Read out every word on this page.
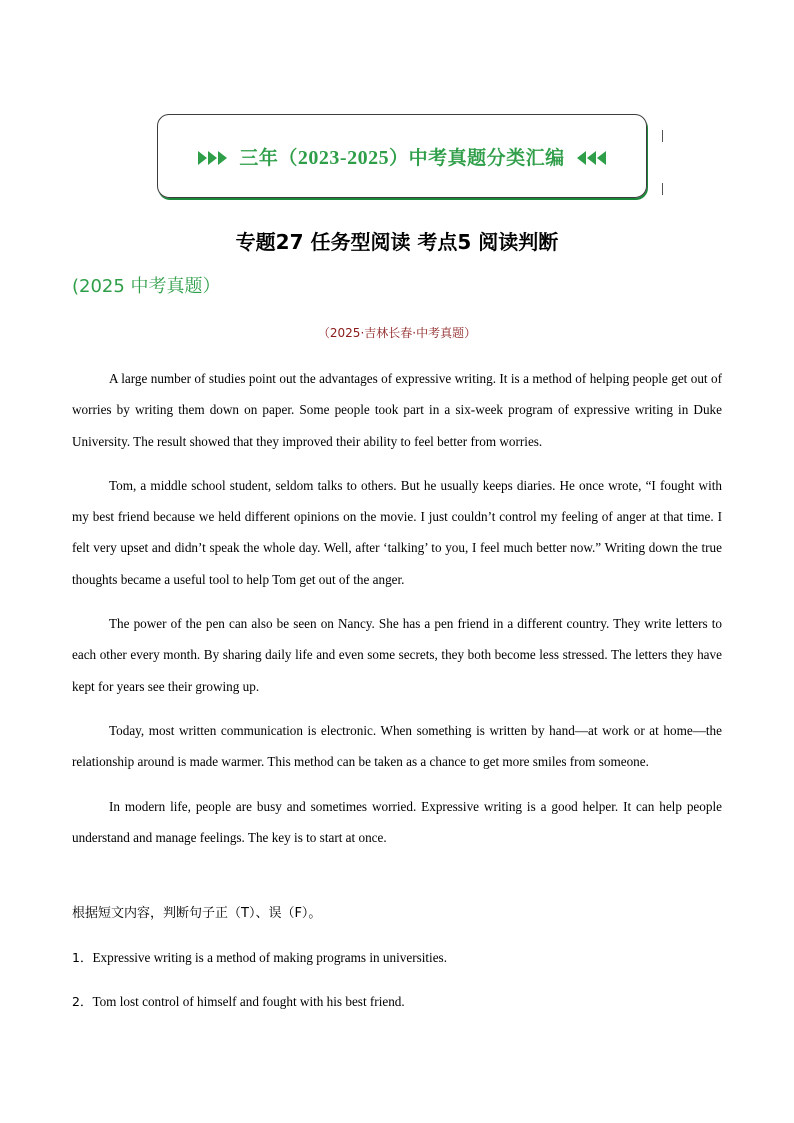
三年（2023-2025）中考真题分类汇编
专题27 任务型阅读 考点5 阅读判断
(2025 中考真题）
（2025·吉林长春·中考真题）

A large number of studies point out the advantages of expressive writing. It is a method of helping people get out of worries by writing them down on paper. Some people took part in a six-week program of expressive writing in Duke University. The result showed that they improved their ability to feel better from worries.

Tom, a middle school student, seldom talks to others. But he usually keeps diaries. He once wrote, “I fought with my best friend because we held different opinions on the movie. I just couldn’t control my feeling of anger at that time. I felt very upset and didn’t speak the whole day. Well, after ‘talking’ to you, I feel much better now.” Writing down the true thoughts became a useful tool to help Tom get out of the anger.

The power of the pen can also be seen on Nancy. She has a pen friend in a different country. They write letters to each other every month. By sharing daily life and even some secrets, they both become less stressed. The letters they have kept for years see their growing up.

Today, most written communication is electronic. When something is written by hand—at work or at home—the relationship around is made warmer. This method can be taken as a chance to get more smiles from someone.

In modern life, people are busy and sometimes worried. Expressive writing is a good helper. It can help people understand and manage feelings. The key is to start at once.

根据短文内容，判断句子正（T）、误（F）。
1．Expressive writing is a method of making programs in universities.
2．Tom lost control of himself and fought with his best friend.
